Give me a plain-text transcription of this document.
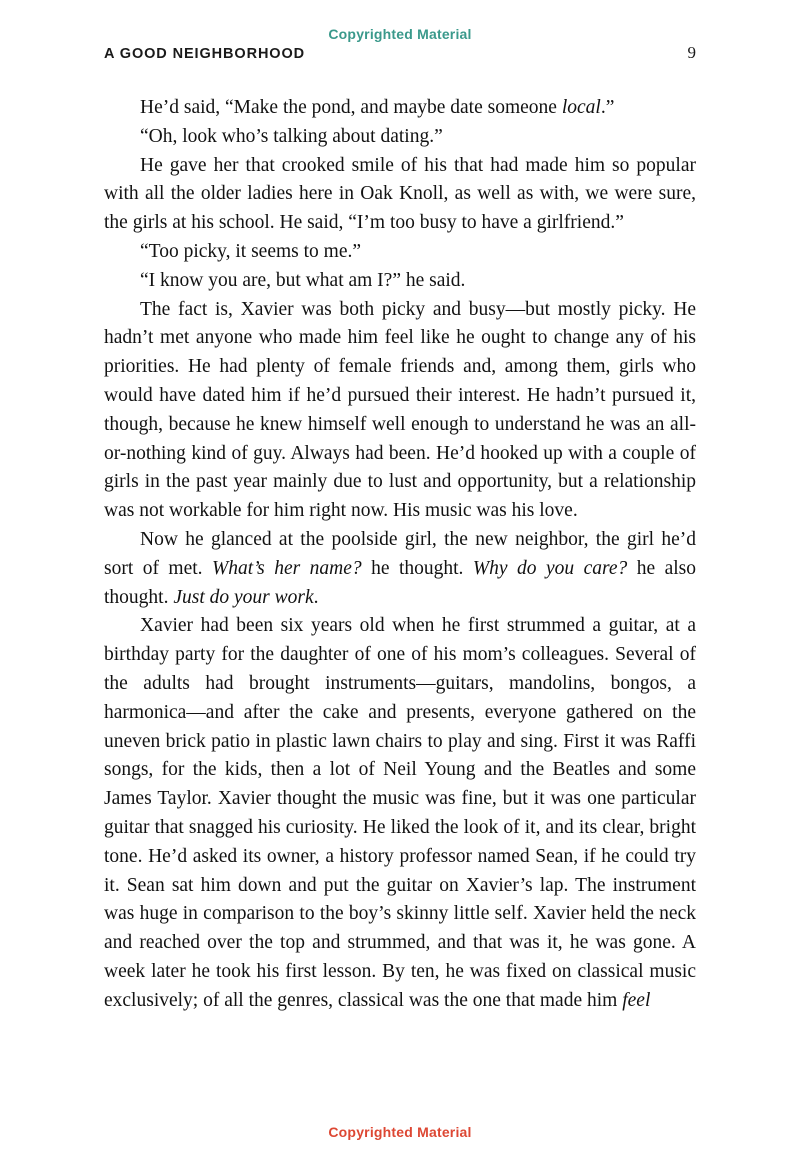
Copyrighted Material
A GOOD NEIGHBORHOOD	9

He’d said, “Make the pond, and maybe date someone local.”

“Oh, look who’s talking about dating.”

He gave her that crooked smile of his that had made him so popular with all the older ladies here in Oak Knoll, as well as with, we were sure, the girls at his school. He said, “I’m too busy to have a girlfriend.”

“Too picky, it seems to me.”

“I know you are, but what am I?” he said.

The fact is, Xavier was both picky and busy—but mostly picky. He hadn’t met anyone who made him feel like he ought to change any of his priorities. He had plenty of female friends and, among them, girls who would have dated him if he’d pursued their interest. He hadn’t pursued it, though, because he knew himself well enough to understand he was an all-or-nothing kind of guy. Always had been. He’d hooked up with a couple of girls in the past year mainly due to lust and opportunity, but a relationship was not workable for him right now. His music was his love.

Now he glanced at the poolside girl, the new neighbor, the girl he’d sort of met. What’s her name? he thought. Why do you care? he also thought. Just do your work.

Xavier had been six years old when he first strummed a guitar, at a birthday party for the daughter of one of his mom’s colleagues. Several of the adults had brought instruments—guitars, mandolins, bongos, a harmonica—and after the cake and presents, everyone gathered on the uneven brick patio in plastic lawn chairs to play and sing. First it was Raffi songs, for the kids, then a lot of Neil Young and the Beatles and some James Taylor. Xavier thought the music was fine, but it was one particular guitar that snagged his curiosity. He liked the look of it, and its clear, bright tone. He’d asked its owner, a history professor named Sean, if he could try it. Sean sat him down and put the guitar on Xavier’s lap. The instrument was huge in comparison to the boy’s skinny little self. Xavier held the neck and reached over the top and strummed, and that was it, he was gone. A week later he took his first lesson. By ten, he was fixed on classical music exclusively; of all the genres, classical was the one that made him feel

Copyrighted Material
